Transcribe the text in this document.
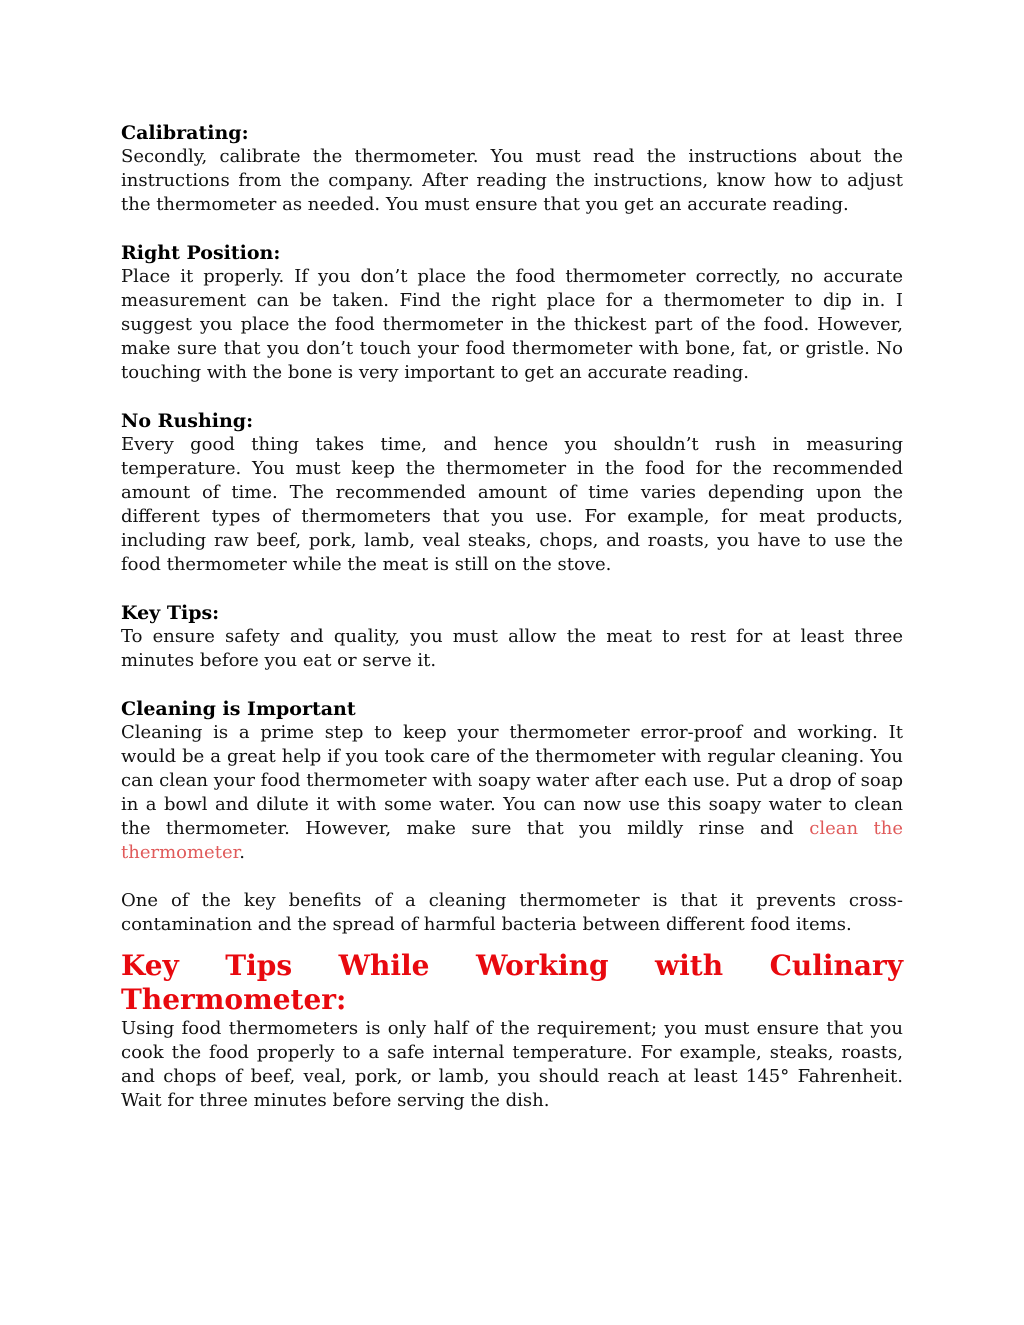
Calibrating:

Secondly, calibrate the thermometer. You must read the instructions about the instructions from the company. After reading the instructions, know how to adjust the thermometer as needed. You must ensure that you get an accurate reading.

Right Position:

Place it properly. If you don’t place the food thermometer correctly, no accurate measurement can be taken. Find the right place for a thermometer to dip in. I suggest you place the food thermometer in the thickest part of the food. However, make sure that you don’t touch your food thermometer with bone, fat, or gristle. No touching with the bone is very important to get an accurate reading.

No Rushing:

Every good thing takes time, and hence you shouldn’t rush in measuring temperature. You must keep the thermometer in the food for the recommended amount of time. The recommended amount of time varies depending upon the different types of thermometers that you use. For example, for meat products, including raw beef, pork, lamb, veal steaks, chops, and roasts, you have to use the food thermometer while the meat is still on the stove.

Key Tips:

To ensure safety and quality, you must allow the meat to rest for at least three minutes before you eat or serve it.

Cleaning is Important

Cleaning is a prime step to keep your thermometer error-proof and working. It would be a great help if you took care of the thermometer with regular cleaning. You can clean your food thermometer with soapy water after each use. Put a drop of soap in a bowl and dilute it with some water. You can now use this soapy water to clean the thermometer. However, make sure that you mildly rinse and clean the thermometer.

One of the key benefits of a cleaning thermometer is that it prevents cross-contamination and the spread of harmful bacteria between different food items.

Key Tips While Working with Culinary
Thermometer:

Using food thermometers is only half of the requirement; you must ensure that you cook the food properly to a safe internal temperature. For example, steaks, roasts, and chops of beef, veal, pork, or lamb, you should reach at least 145° Fahrenheit. Wait for three minutes before serving the dish.
